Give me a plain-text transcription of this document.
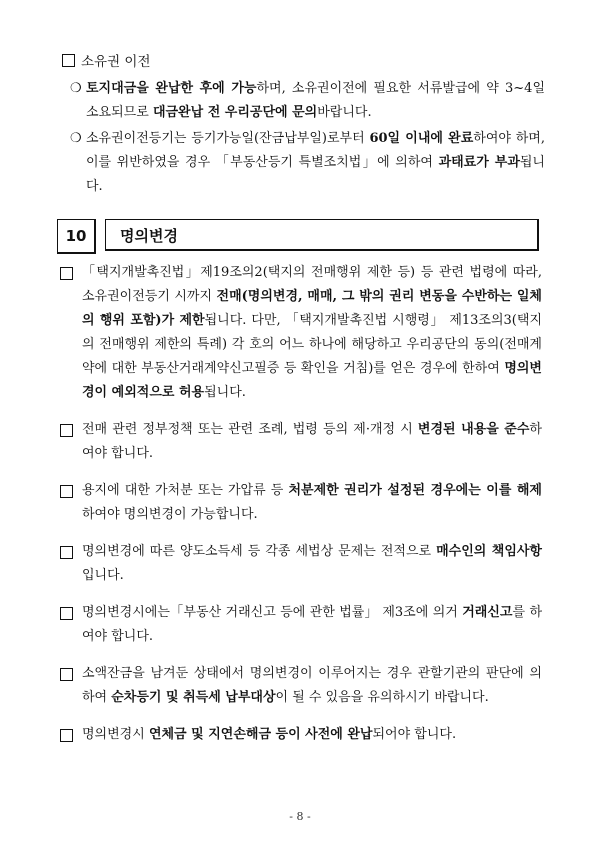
소유권 이전
❍ 토지대금을 완납한 후에 가능하며, 소유권이전에 필요한 서류발급에 약 3~4일 소요되므로 대금완납 전 우리공단에 문의바랍니다.
❍ 소유권이전등기는 등기가능일(잔금납부일)로부터 60일 이내에 완료하여야 하며, 이를 위반하였을 경우 「부동산등기 특별조치법」에 의하여 과태료가 부과됩니다.
10	명의변경
「택지개발촉진법」제19조의2(택지의 전매행위 제한 등) 등 관련 법령에 따라, 소유권이전등기 시까지 전매(명의변경, 매매, 그 밖의 권리 변동을 수반하는 일체의 행위 포함)가 제한됩니다. 다만, 「택지개발촉진법 시행령」 제13조의3(택지의 전매행위 제한의 특례) 각 호의 어느 하나에 해당하고 우리공단의 동의(전매계약에 대한 부동산거래계약신고필증 등 확인을 거침)를 얻은 경우에 한하여 명의변경이 예외적으로 허용됩니다.
전매 관련 정부정책 또는 관련 조례, 법령 등의 제·개정 시 변경된 내용을 준수하여야 합니다.
용지에 대한 가처분 또는 가압류 등 처분제한 권리가 설정된 경우에는 이를 해제하여야 명의변경이 가능합니다.
명의변경에 따른 양도소득세 등 각종 세법상 문제는 전적으로 매수인의 책임사항입니다.
명의변경시에는「부동산 거래신고 등에 관한 법률」 제3조에 의거 거래신고를 하여야 합니다.
소액잔금을 남겨둔 상태에서 명의변경이 이루어지는 경우 관할기관의 판단에 의하여 순차등기 및 취득세 납부대상이 될 수 있음을 유의하시기 바랍니다.
명의변경시 연체금 및 지연손해금 등이 사전에 완납되어야 합니다.
- 8 -
